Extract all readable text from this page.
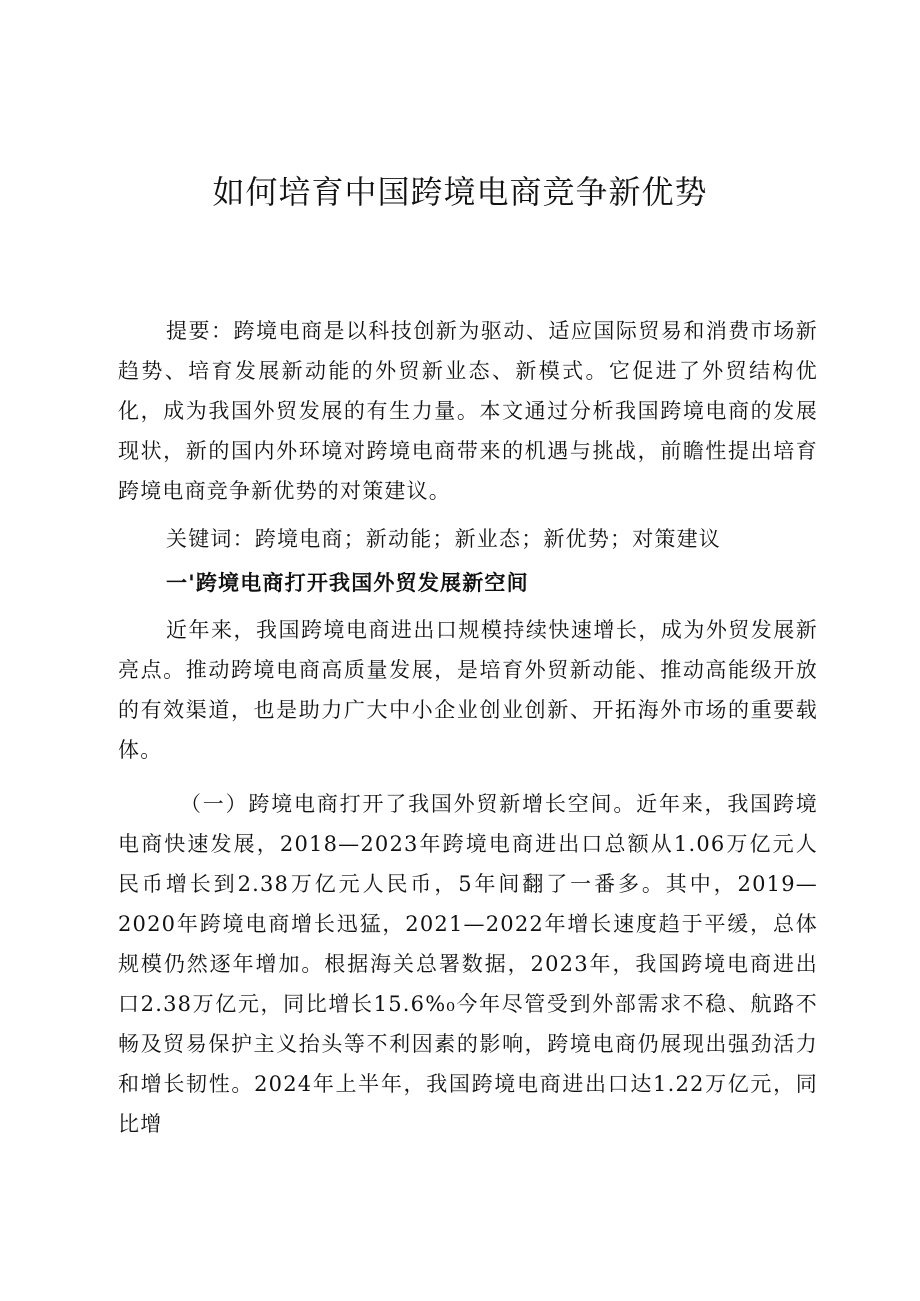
如何培育中国跨境电商竞争新优势
提要：跨境电商是以科技创新为驱动、适应国际贸易和消费市场新趋势、培育发展新动能的外贸新业态、新模式。它促进了外贸结构优化，成为我国外贸发展的有生力量。本文通过分析我国跨境电商的发展现状，新的国内外环境对跨境电商带来的机遇与挑战，前瞻性提出培育跨境电商竞争新优势的对策建议。
关键词：跨境电商；新动能；新业态；新优势；对策建议
一'跨境电商打开我国外贸发展新空间
近年来，我国跨境电商进出口规模持续快速增长，成为外贸发展新亮点。推动跨境电商高质量发展，是培育外贸新动能、推动高能级开放的有效渠道，也是助力广大中小企业创业创新、开拓海外市场的重要载体。
（一）跨境电商打开了我国外贸新增长空间。近年来，我国跨境电商快速发展，2018—2023年跨境电商进出口总额从1.06万亿元人民币增长到2.38万亿元人民币，5年间翻了一番多。其中，2019—2020年跨境电商增长迅猛，2021—2022年增长速度趋于平缓，总体规模仍然逐年增加。根据海关总署数据，2023年，我国跨境电商进出口2.38万亿元，同比增长15.6%₀今年尽管受到外部需求不稳、航路不畅及贸易保护主义抬头等不利因素的影响，跨境电商仍展现出强劲活力和增长韧性。2024年上半年，我国跨境电商进出口达1.22万亿元，同比增
